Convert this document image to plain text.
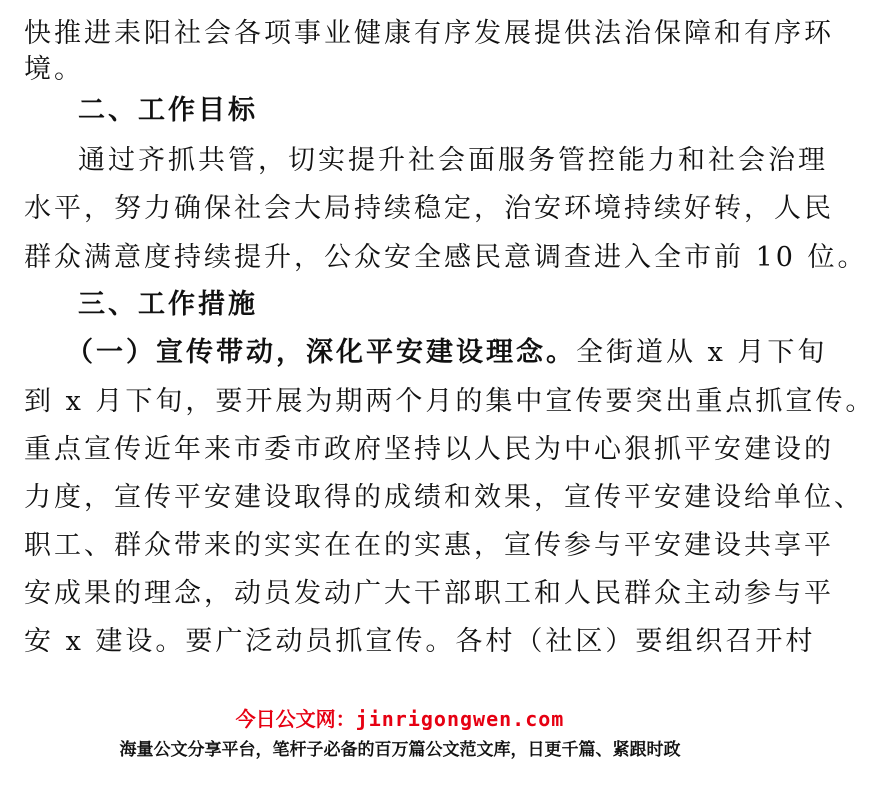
快推进耒阳社会各项事业健康有序发展提供法治保障和有序环
境。
二、工作目标
通过齐抓共管，切实提升社会面服务管控能力和社会治理
水平，努力确保社会大局持续稳定，治安环境持续好转，人民
群众满意度持续提升，公众安全感民意调查进入全市前 10 位。
三、工作措施
（一）宣传带动，深化平安建设理念。全街道从 x 月下旬
到 x 月下旬，要开展为期两个月的集中宣传要突出重点抓宣传。
重点宣传近年来市委市政府坚持以人民为中心狠抓平安建设的
力度，宣传平安建设取得的成绩和效果，宣传平安建设给单位、
职工、群众带来的实实在在的实惠，宣传参与平安建设共享平
安成果的理念，动员发动广大干部职工和人民群众主动参与平
安 x 建设。要广泛动员抓宣传。各村（社区）要组织召开村
今日公文网：jinrigongwen.com
海量公文分享平台，笔杆子必备的百万篇公文范文库，日更千篇、紧跟时政
